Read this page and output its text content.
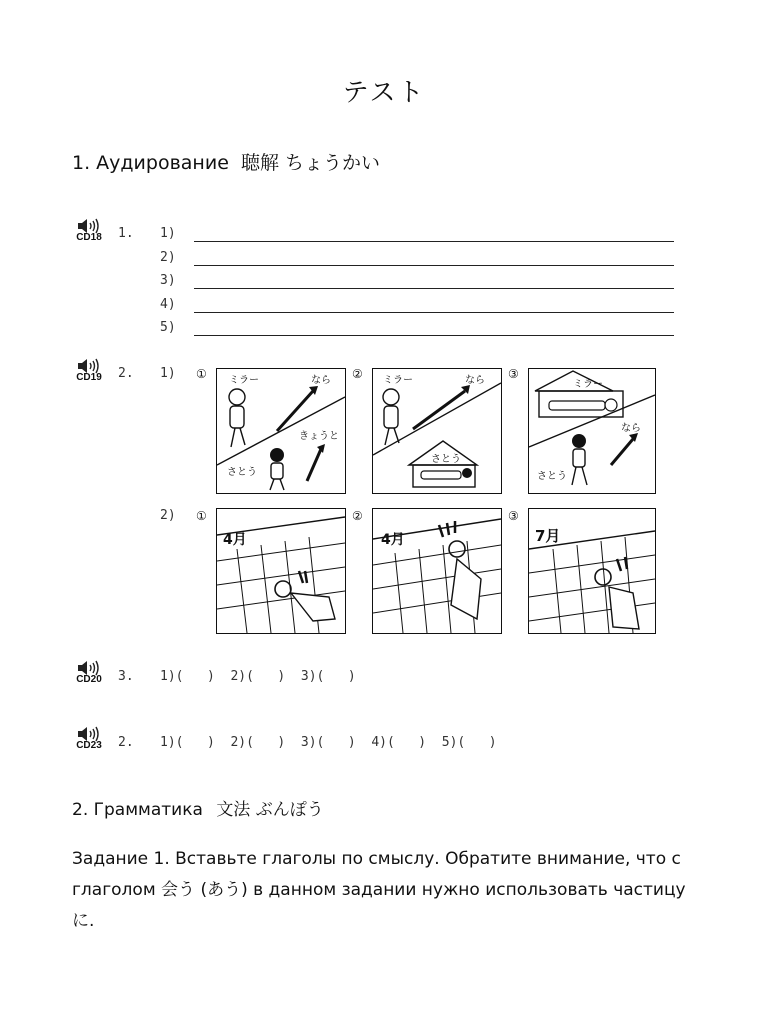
テスト
1. Аудирование 聴解 ちょうかい
CD18	1. 1)
2)
3)
4)
5)
CD19	2. 1) ① ミラー	なら
きょうと
さとう
② ミラー	なら
さとう
③
ミラー
なら
さとう
2) ①
4月
②
4月
③
7月
CD20	3. 1)(   )  2)(   )  3)(   )
CD23	2. 1)(   )  2)(   )  3)(   )  4)(   )  5)(   )
2. Грамматика 文法 ぶんぽう
Задание 1. Вставьте глаголы по смыслу. Обратите внимание, что с глаголом 会う (あう) в данном задании нужно использовать частицу に.
